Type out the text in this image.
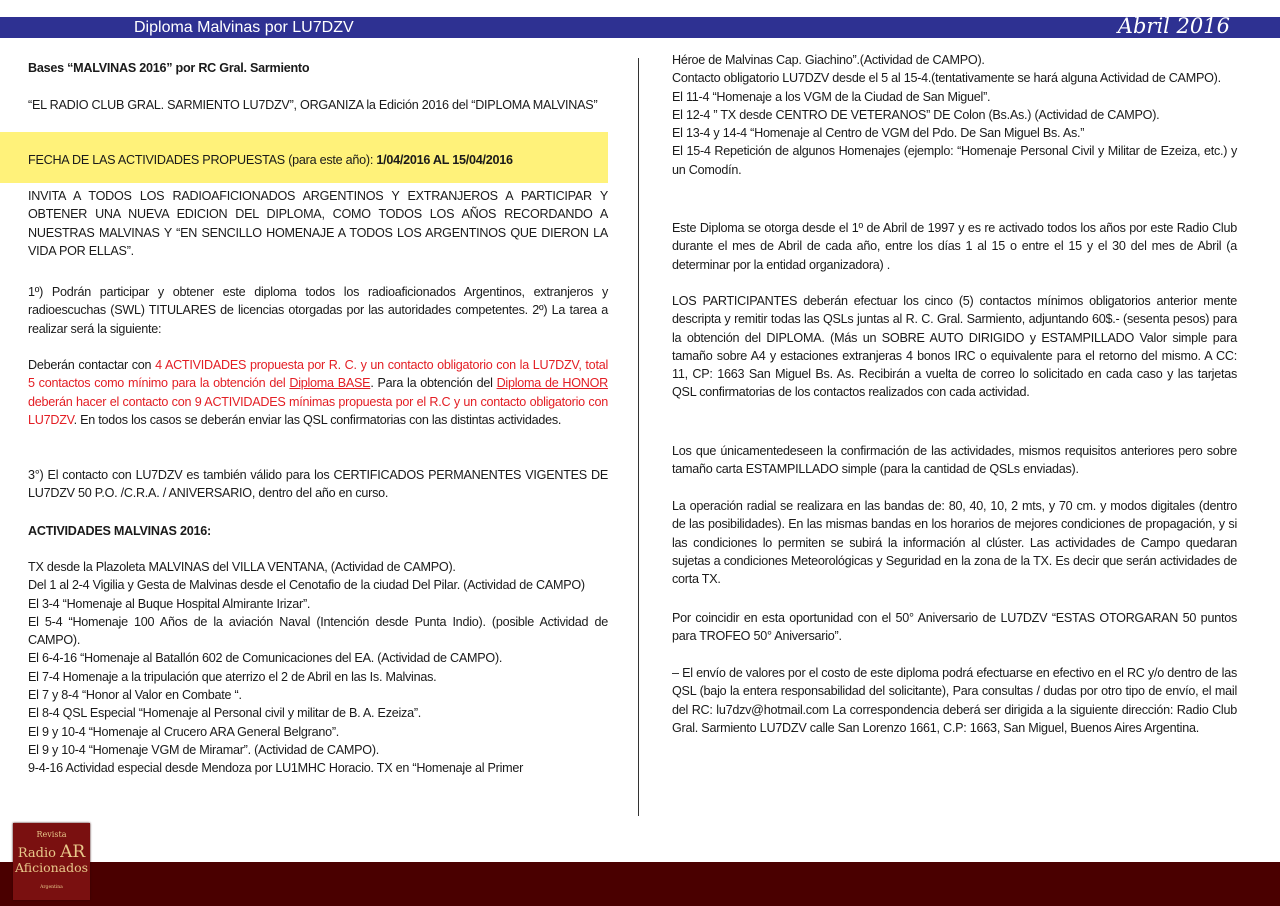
Diploma Malvinas por LU7DZV	Abril 2016

Bases “MALVINAS 2016” por RC Gral. Sarmiento

“EL RADIO CLUB GRAL. SARMIENTO LU7DZV”, ORGANIZA la Edición 2016 del “DIPLOMA MALVINAS”

FECHA DE LAS ACTIVIDADES PROPUESTAS (para este año): 1/04/2016 AL 15/04/2016

INVITA A TODOS LOS RADIOAFICIONADOS ARGENTINOS Y EXTRANJEROS A PARTICIPAR Y OBTENER UNA NUEVA EDICION DEL DIPLOMA, COMO TODOS LOS AÑOS RECORDANDO A NUESTRAS MALVINAS Y “EN SENCILLO HOMENAJE A TODOS LOS ARGENTINOS QUE DIERON LA VIDA POR ELLAS”.

1º) Podrán participar y obtener este diploma todos los radioaficionados Argentinos, extranjeros y radioescuchas (SWL) TITULARES de licencias otorgadas por las autoridades competentes. 2º) La tarea a realizar será la siguiente:

Deberán contactar con 4 ACTIVIDADES propuesta por R. C. y un contacto obligatorio con la LU7DZV, total 5 contactos como mínimo para la obtención del Diploma BASE. Para la obtención del Diploma de HONOR deberán hacer el contacto con 9 ACTIVIDADES mínimas propuesta por el R.C y un contacto obligatorio con LU7DZV. En todos los casos se deberán enviar las QSL confirmatorias con las distintas actividades.

3°) El contacto con LU7DZV es también válido para los CERTIFICADOS PERMANENTES VIGENTES DE LU7DZV 50 P.O. /C.R.A. / ANIVERSARIO, dentro del año en curso.

ACTIVIDADES MALVINAS 2016:

TX desde la Plazoleta MALVINAS del VILLA VENTANA, (Actividad de CAMPO).
Del 1 al 2-4 Vigilia y Gesta de Malvinas desde el Cenotafio de la ciudad Del Pilar. (Actividad de CAMPO)
El 3-4 “Homenaje al Buque Hospital Almirante Irizar”.
El 5-4 “Homenaje 100 Años de la aviación Naval (Intención desde Punta Indio). (posible Actividad de CAMPO).
El 6-4-16 “Homenaje al Batallón 602 de Comunicaciones del EA. (Actividad de CAMPO).
El 7-4 Homenaje a la tripulación que aterrizo el 2 de Abril en las Is. Malvinas.
El 7 y 8-4 “Honor al Valor en Combate “.
El 8-4 QSL Especial “Homenaje al Personal civil y militar de B. A. Ezeiza”.
El 9 y 10-4 “Homenaje al Crucero ARA General Belgrano”.
El 9 y 10-4 “Homenaje VGM de Miramar”. (Actividad de CAMPO).
9-4-16 Actividad especial desde Mendoza por LU1MHC Horacio. TX en “Homenaje al Primer
Héroe de Malvinas Cap. Giachino”.(Actividad de CAMPO).
Contacto obligatorio LU7DZV desde el 5 al 15-4.(tentativamente se hará alguna Actividad de CAMPO).
El 11-4 “Homenaje a los VGM de la Ciudad de San Miguel”.
El 12-4 ” TX desde CENTRO DE VETERANOS” DE Colon (Bs.As.) (Actividad de CAMPO).
El 13-4 y 14-4 “Homenaje al Centro de VGM del Pdo. De San Miguel Bs. As.”
El 15-4 Repetición de algunos Homenajes (ejemplo: “Homenaje Personal Civil y Militar de Ezeiza, etc.) y un Comodín.

Este Diploma se otorga desde el 1º de Abril de 1997 y es re activado todos los años por este Radio Club durante el mes de Abril de cada año, entre los días 1 al 15 o entre el 15 y el 30 del mes de Abril (a determinar por la entidad organizadora) .

LOS PARTICIPANTES deberán efectuar los cinco (5) contactos mínimos obligatorios anterior mente descripta y remitir todas las QSLs juntas al R. C. Gral. Sarmiento, adjuntando 60$.- (sesenta pesos) para la obtención del DIPLOMA. (Más un SOBRE AUTO DIRIGIDO y ESTAMPILLADO Valor simple para tamaño sobre A4 y estaciones extranjeras 4 bonos IRC o equivalente para el retorno del mismo. A CC: 11, CP: 1663 San Miguel Bs. As. Recibirán a vuelta de correo lo solicitado en cada caso y las tarjetas QSL confirmatorias de los contactos realizados con cada actividad.

Los que únicamentedeseen la confirmación de las actividades, mismos requisitos anteriores pero sobre tamaño carta ESTAMPILLADO simple (para la cantidad de QSLs enviadas).

La operación radial se realizara en las bandas de: 80, 40, 10, 2 mts, y 70 cm. y modos digitales (dentro de las posibilidades). En las mismas bandas en los horarios de mejores condiciones de propagación, y si las condiciones lo permiten se subirá la información al clúster. Las actividades de Campo quedaran sujetas a condiciones Meteorológicas y Seguridad en la zona de la TX. Es decir que serán actividades de corta TX.

Por coincidir en esta oportunidad con el 50° Aniversario de LU7DZV “ESTAS OTORGARAN 50 puntos para TROFEO 50° Aniversario”.

– El envío de valores por el costo de este diploma podrá efectuarse en efectivo en el RC y/o dentro de las QSL (bajo la entera responsabilidad del solicitante), Para consultas / dudas por otro tipo de envío, el mail del RC: lu7dzv@hotmail.com La correspondencia deberá ser dirigida a la siguiente dirección: Radio Club Gral. Sarmiento LU7DZV calle San Lorenzo 1661, C.P: 1663, San Miguel, Buenos Aires Argentina.

Revista
Radio AR
Aficionados
Argentina
